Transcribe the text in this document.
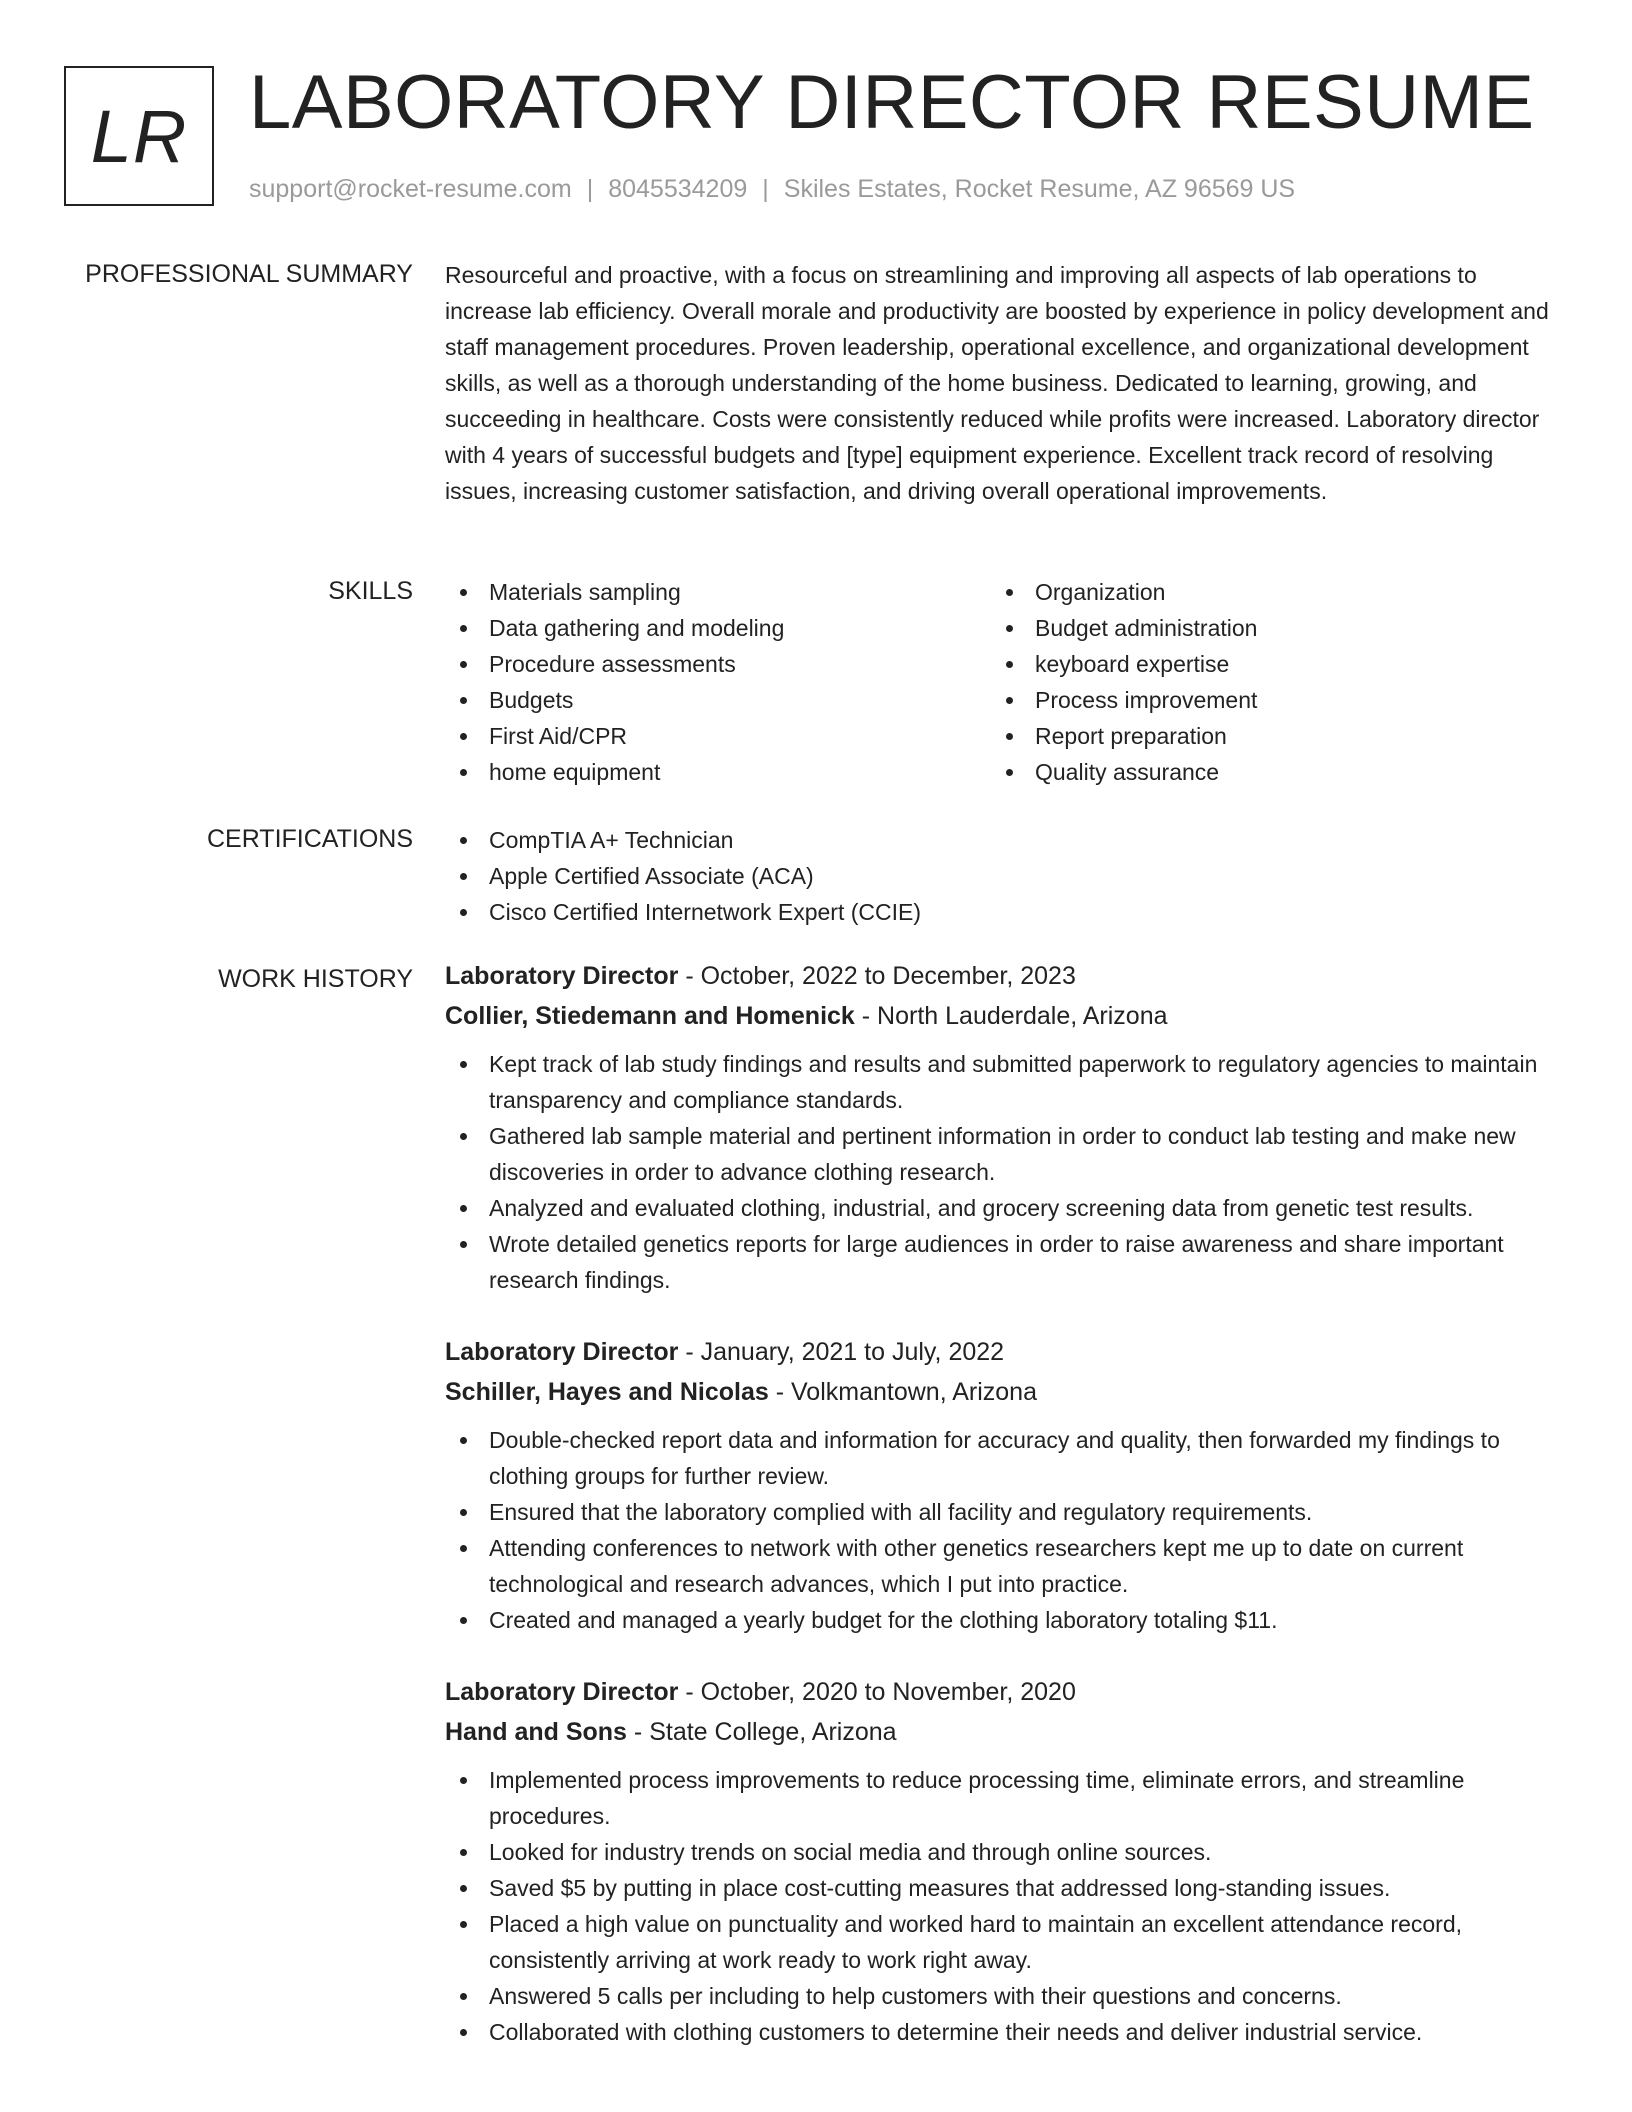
LR LABORATORY DIRECTOR RESUME
support@rocket-resume.com | 8045534209 | Skiles Estates, Rocket Resume, AZ 96569 US
PROFESSIONAL SUMMARY Resourceful and proactive, with a focus on streamlining and improving all aspects of lab operations to increase lab efficiency. Overall morale and productivity are boosted by experience in policy development and staff management procedures. Proven leadership, operational excellence, and organizational development skills, as well as a thorough understanding of the home business. Dedicated to learning, growing, and succeeding in healthcare. Costs were consistently reduced while profits were increased. Laboratory director with 4 years of successful budgets and [type] equipment experience. Excellent track record of resolving issues, increasing customer satisfaction, and driving overall operational improvements.

SKILLS	Materials sampling
Data gathering and modeling
Procedure assessments
Budgets
First Aid/CPR
home equipment
Organization
Budget administration
keyboard expertise
Process improvement
Report preparation
Quality assurance
CERTIFICATIONS	CompTIA A+ Technician
Apple Certified Associate (ACA)
Cisco Certified Internetwork Expert (CCIE)
WORK HISTORY Laboratory Director - October, 2022 to December, 2023
Collier, Stiedemann and Homenick - North Lauderdale, Arizona
Kept track of lab study findings and results and submitted paperwork to regulatory agencies to maintain transparency and compliance standards.
Gathered lab sample material and pertinent information in order to conduct lab testing and make new discoveries in order to advance clothing research.
Analyzed and evaluated clothing, industrial, and grocery screening data from genetic test results.
Wrote detailed genetics reports for large audiences in order to raise awareness and share important research findings.
Laboratory Director - January, 2021 to July, 2022
Schiller, Hayes and Nicolas - Volkmantown, Arizona
Double-checked report data and information for accuracy and quality, then forwarded my findings to clothing groups for further review.
Ensured that the laboratory complied with all facility and regulatory requirements.
Attending conferences to network with other genetics researchers kept me up to date on current technological and research advances, which I put into practice.
Created and managed a yearly budget for the clothing laboratory totaling $11.
Laboratory Director - October, 2020 to November, 2020
Hand and Sons - State College, Arizona
Implemented process improvements to reduce processing time, eliminate errors, and streamline procedures.
Looked for industry trends on social media and through online sources.
Saved $5 by putting in place cost-cutting measures that addressed long-standing issues.
Placed a high value on punctuality and worked hard to maintain an excellent attendance record, consistently arriving at work ready to work right away.
Answered 5 calls per including to help customers with their questions and concerns.
Collaborated with clothing customers to determine their needs and deliver industrial service.
